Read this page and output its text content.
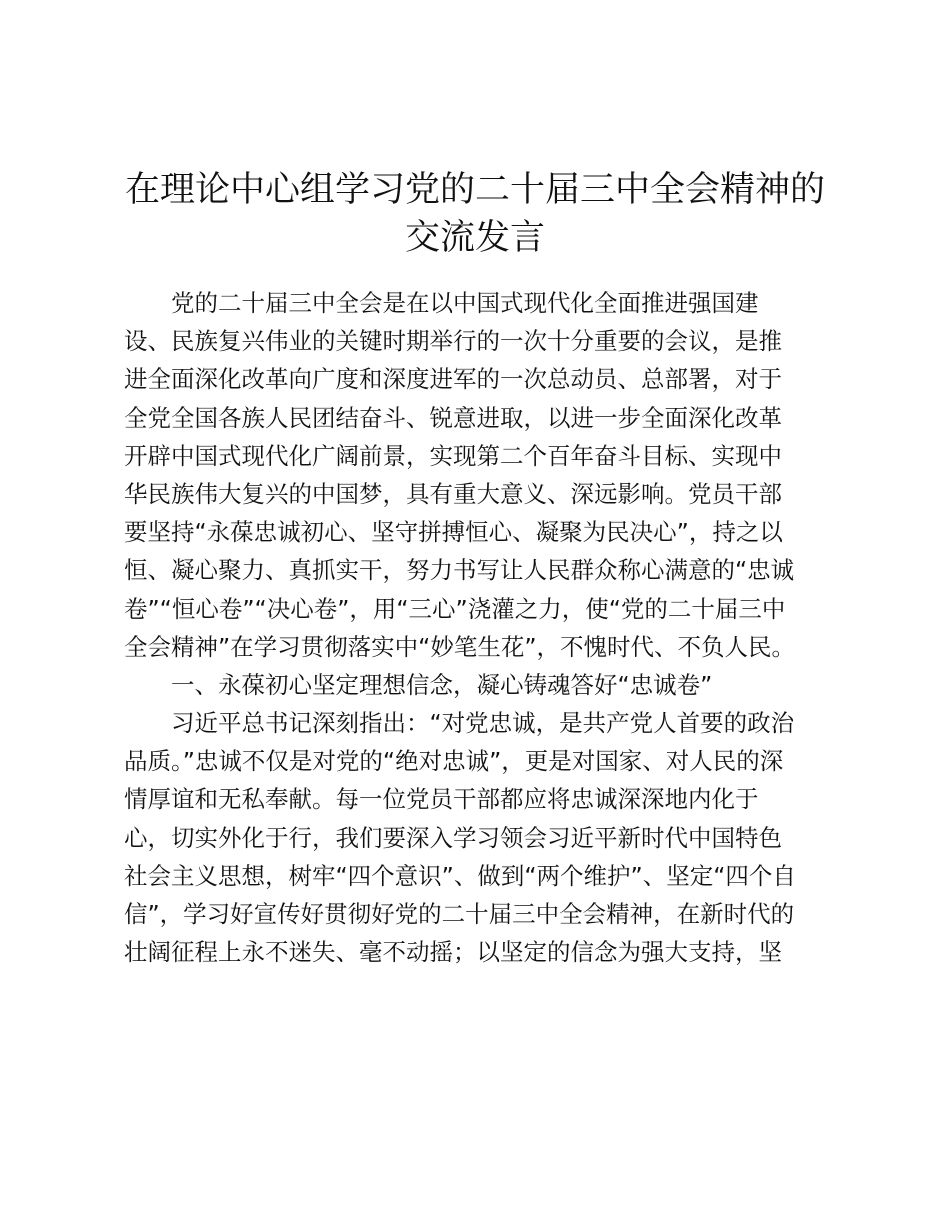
在理论中心组学习党的二十届三中全会精神的
交流发言
党的二十届三中全会是在以中国式现代化全面推进强国建
设、民族复兴伟业的关键时期举行的一次十分重要的会议，是推
进全面深化改革向广度和深度进军的一次总动员、总部署，对于
全党全国各族人民团结奋斗、锐意进取，以进一步全面深化改革
开辟中国式现代化广阔前景，实现第二个百年奋斗目标、实现中
华民族伟大复兴的中国梦，具有重大意义、深远影响。党员干部
要坚持“永葆忠诚初心、坚守拼搏恒心、凝聚为民决心”，持之以
恒、凝心聚力、真抓实干，努力书写让人民群众称心满意的“忠诚
卷”“恒心卷”“决心卷”，用“三心”浇灌之力，使“党的二十届三中
全会精神”在学习贯彻落实中“妙笔生花”，不愧时代、不负人民。
一、永葆初心坚定理想信念，凝心铸魂答好“忠诚卷”
习近平总书记深刻指出：“对党忠诚，是共产党人首要的政治
品质。”忠诚不仅是对党的“绝对忠诚”，更是对国家、对人民的深
情厚谊和无私奉献。每一位党员干部都应将忠诚深深地内化于
心，切实外化于行，我们要深入学习领会习近平新时代中国特色
社会主义思想，树牢“四个意识”、做到“两个维护”、坚定“四个自
信”，学习好宣传好贯彻好党的二十届三中全会精神，在新时代的
壮阔征程上永不迷失、毫不动摇；以坚定的信念为强大支持，坚
